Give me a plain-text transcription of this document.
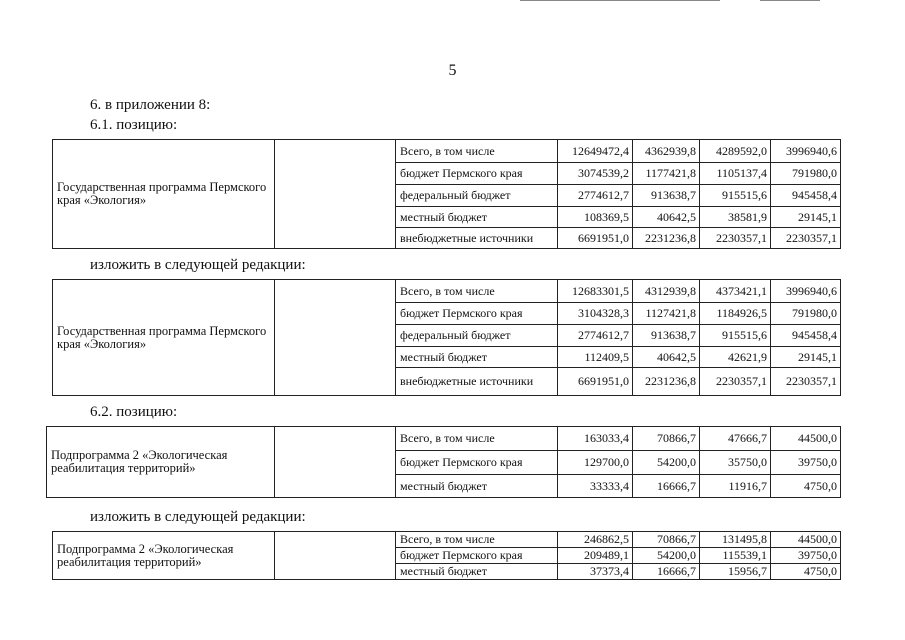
5
6. в приложении 8:
6.1. позицию:
Государственная программа Пермского края «Экология»		Всего, в том числе	12649472,4	4362939,8	4289592,0	3996940,6
		бюджет Пермского края	3074539,2	1177421,8	1105137,4	791980,0
		федеральный бюджет	2774612,7	913638,7	915515,6	945458,4
		местный бюджет	108369,5	40642,5	38581,9	29145,1
		внебюджетные источники	6691951,0	2231236,8	2230357,1	2230357,1
изложить в следующей редакции:
Государственная программа Пермского края «Экология»		Всего, в том числе	12683301,5	4312939,8	4373421,1	3996940,6
		бюджет Пермского края	3104328,3	1127421,8	1184926,5	791980,0
		федеральный бюджет	2774612,7	913638,7	915515,6	945458,4
		местный бюджет	112409,5	40642,5	42621,9	29145,1
		внебюджетные источники	6691951,0	2231236,8	2230357,1	2230357,1
6.2. позицию:
Подпрограмма 2 «Экологическая реабилитация территорий»		Всего, в том числе	163033,4	70866,7	47666,7	44500,0
		бюджет Пермского края	129700,0	54200,0	35750,0	39750,0
		местный бюджет	33333,4	16666,7	11916,7	4750,0
изложить в следующей редакции:
Подпрограмма 2 «Экологическая реабилитация территорий»		Всего, в том числе	246862,5	70866,7	131495,8	44500,0
		бюджет Пермского края	209489,1	54200,0	115539,1	39750,0
		местный бюджет	37373,4	16666,7	15956,7	4750,0
